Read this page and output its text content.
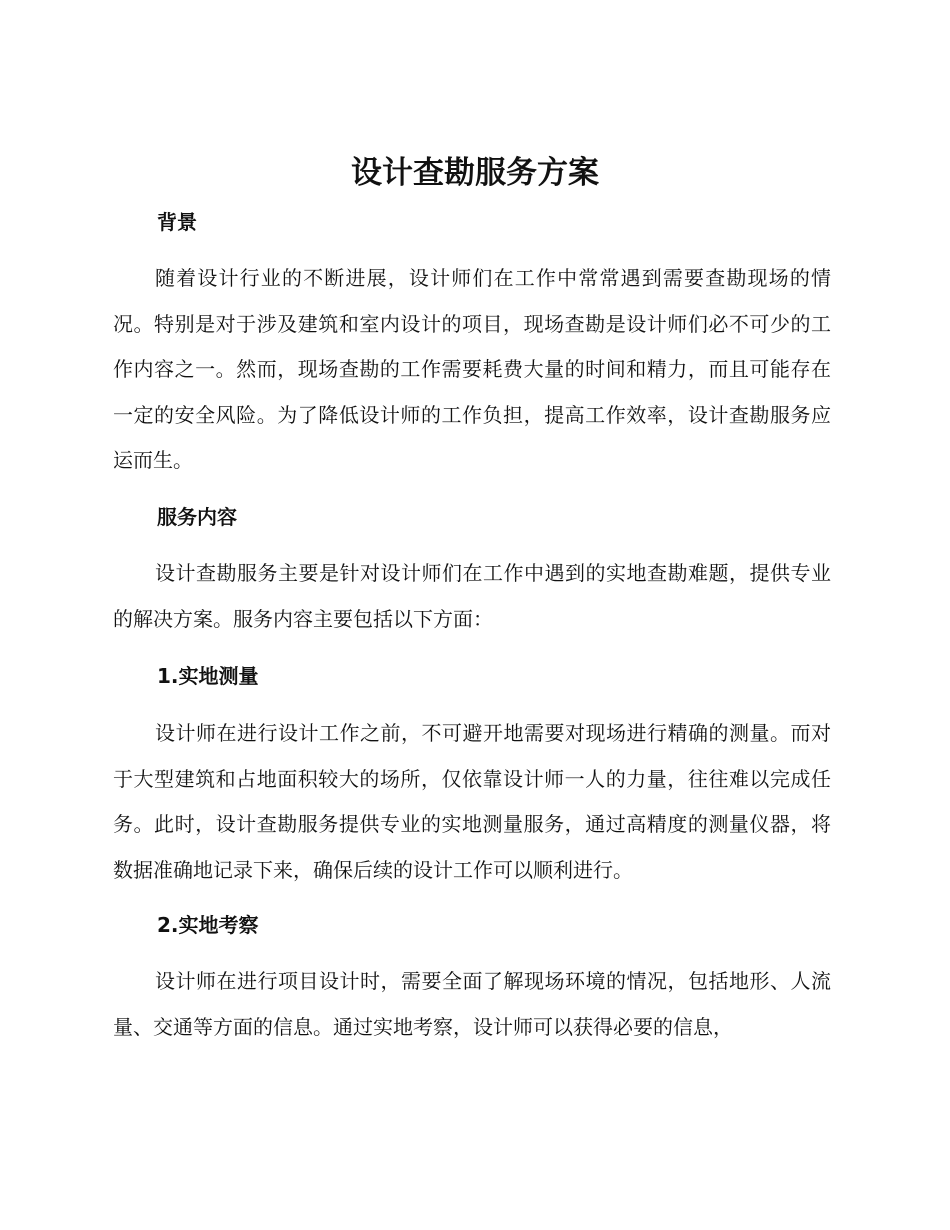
设计查勘服务方案
背景

随着设计行业的不断进展，设计师们在工作中常常遇到需要查勘现场的情况。特别是对于涉及建筑和室内设计的项目，现场查勘是设计师们必不可少的工作内容之一。然而，现场查勘的工作需要耗费大量的时间和精力，而且可能存在一定的安全风险。为了降低设计师的工作负担，提高工作效率，设计查勘服务应运而生。

服务内容

设计查勘服务主要是针对设计师们在工作中遇到的实地查勘难题，提供专业的解决方案。服务内容主要包括以下方面：

1.实地测量

设计师在进行设计工作之前，不可避开地需要对现场进行精确的测量。而对于大型建筑和占地面积较大的场所，仅依靠设计师一人的力量，往往难以完成任务。此时，设计查勘服务提供专业的实地测量服务，通过高精度的测量仪器，将数据准确地记录下来，确保后续的设计工作可以顺利进行。

2.实地考察

设计师在进行项目设计时，需要全面了解现场环境的情况，包括地形、人流量、交通等方面的信息。通过实地考察，设计师可以获得必要的信息，
